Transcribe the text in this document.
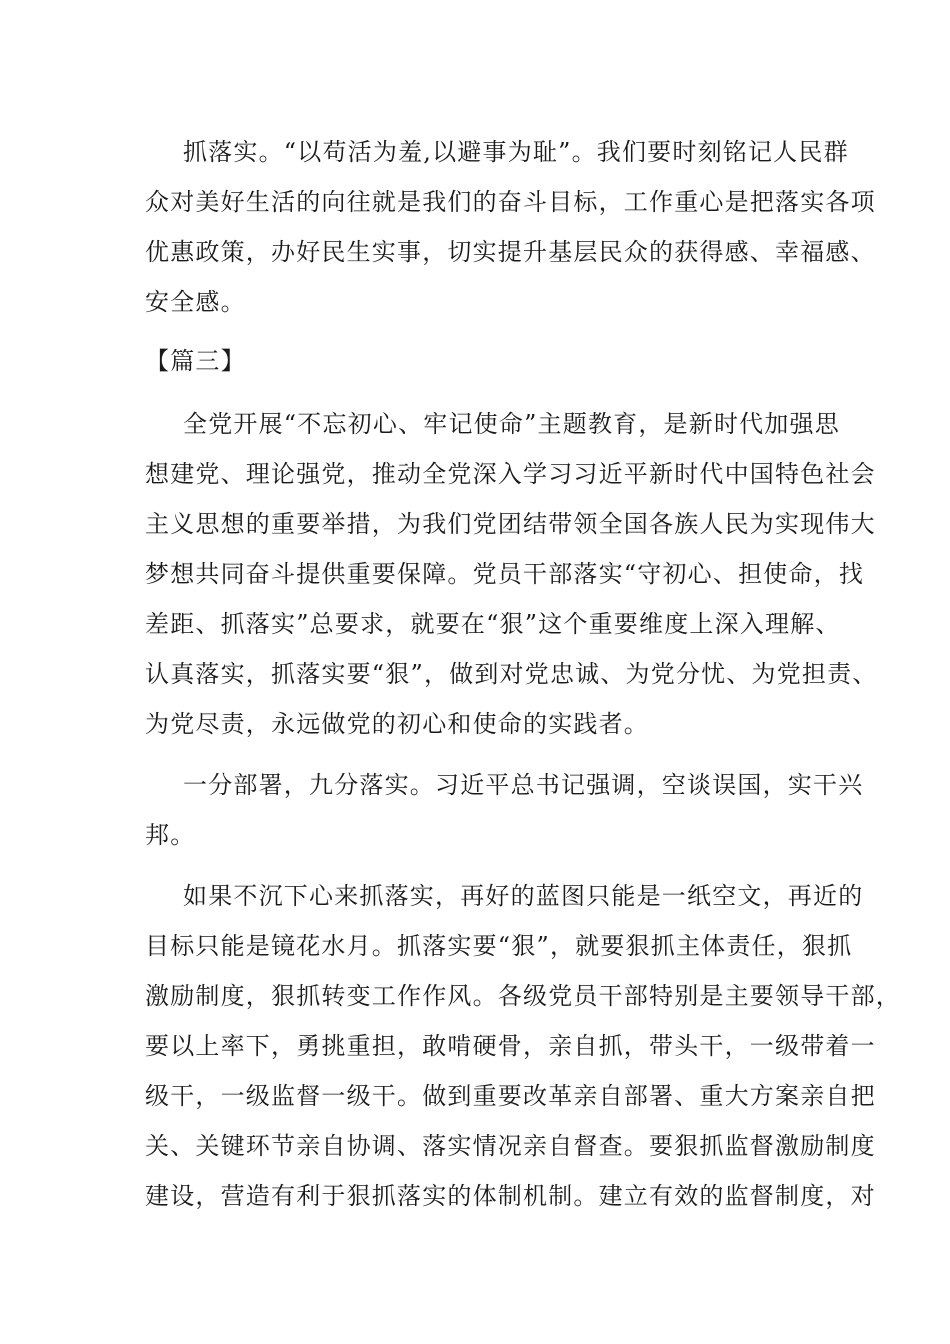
抓落实。“以苟活为羞,以避事为耻”。我们要时刻铭记人民群
众对美好生活的向往就是我们的奋斗目标，工作重心是把落实各项
优惠政策，办好民生实事，切实提升基层民众的获得感、幸福感、
安全感。
【篇三】
全党开展“不忘初心、牢记使命”主题教育，是新时代加强思
想建党、理论强党，推动全党深入学习习近平新时代中国特色社会
主义思想的重要举措，为我们党团结带领全国各族人民为实现伟大
梦想共同奋斗提供重要保障。党员干部落实“守初心、担使命，找
差距、抓落实”总要求，就要在“狠”这个重要维度上深入理解、
认真落实，抓落实要“狠”，做到对党忠诚、为党分忧、为党担责、
为党尽责，永远做党的初心和使命的实践者。
一分部署，九分落实。习近平总书记强调，空谈误国，实干兴
邦。
如果不沉下心来抓落实，再好的蓝图只能是一纸空文，再近的
目标只能是镜花水月。抓落实要“狠”，就要狠抓主体责任，狠抓
激励制度，狠抓转变工作作风。各级党员干部特别是主要领导干部，
要以上率下，勇挑重担，敢啃硬骨，亲自抓，带头干，一级带着一
级干，一级监督一级干。做到重要改革亲自部署、重大方案亲自把
关、关键环节亲自协调、落实情况亲自督查。要狠抓监督激励制度
建设，营造有利于狠抓落实的体制机制。建立有效的监督制度，对
